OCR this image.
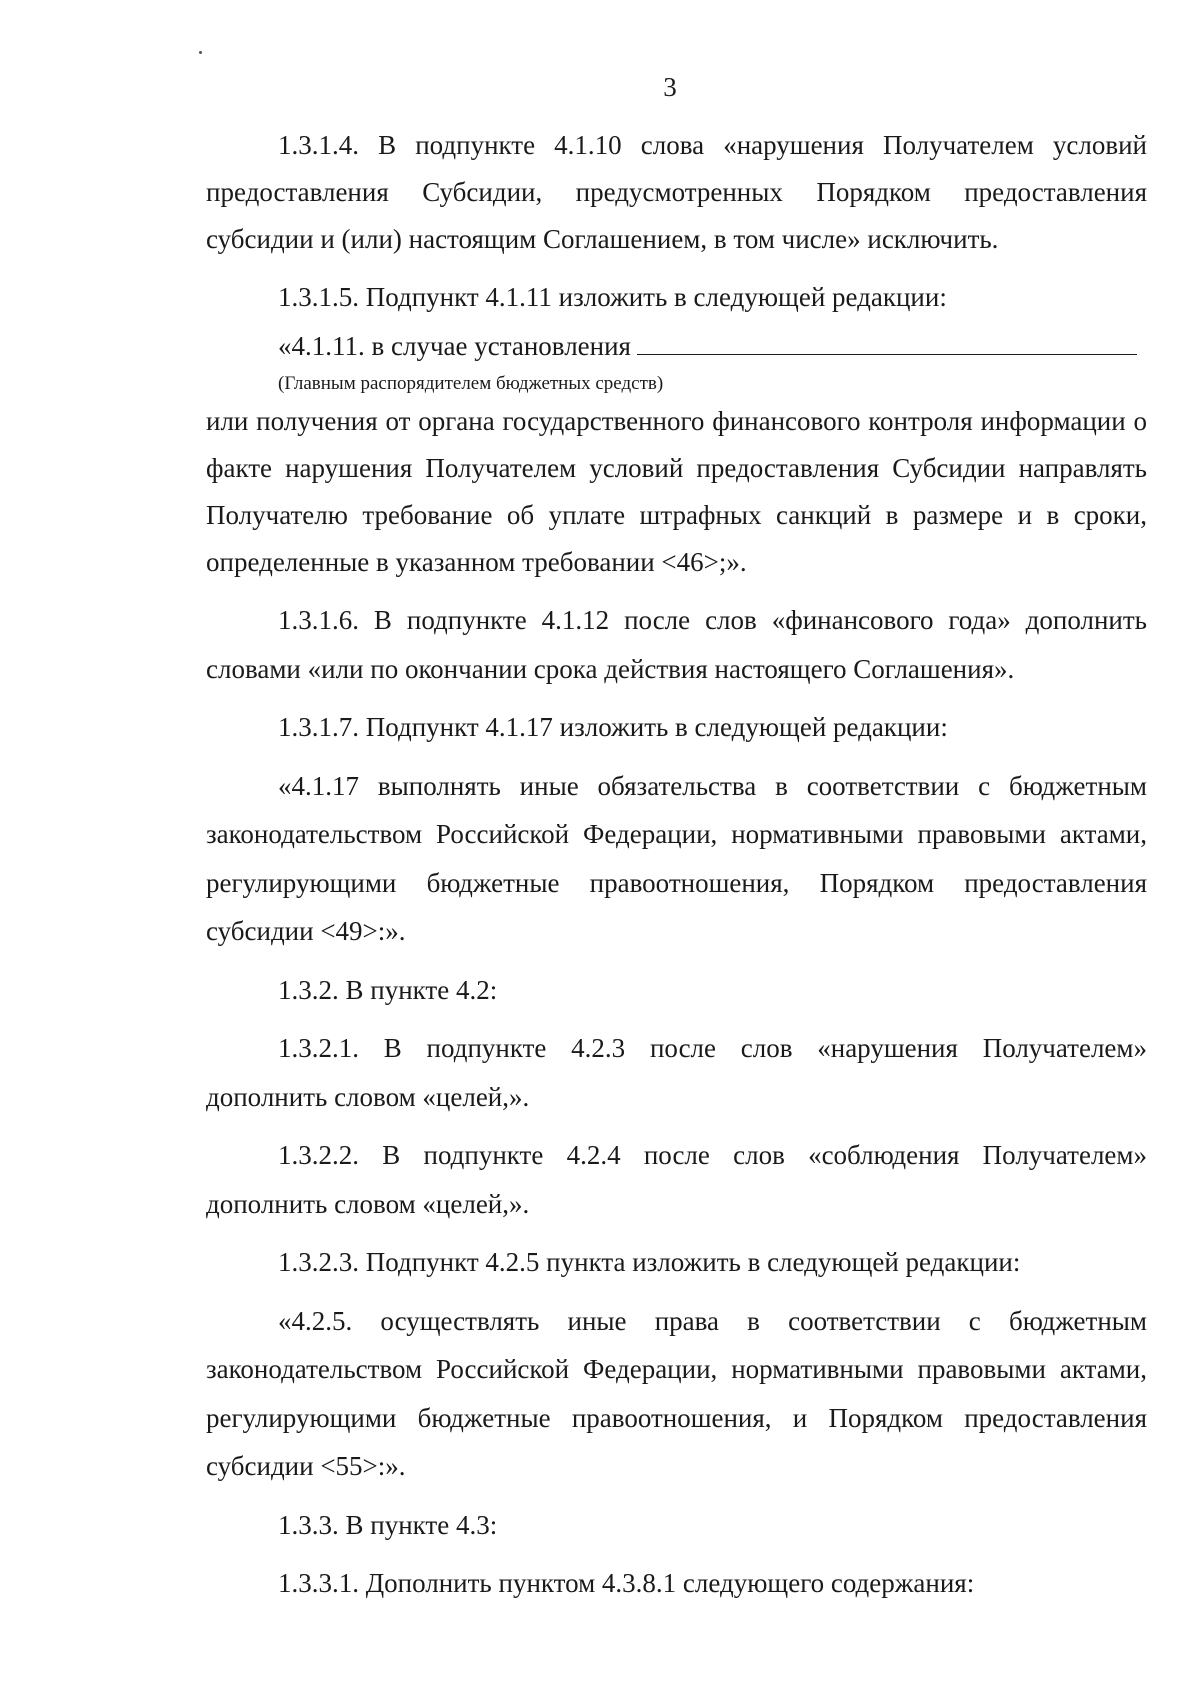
3

1.3.1.4. В подпункте 4.1.10 слова «нарушения Получателем условий предоставления Субсидии, предусмотренных Порядком предоставления субсидии и (или) настоящим Соглашением, в том числе» исключить.

1.3.1.5. Подпункт 4.1.11 изложить в следующей редакции:

«4.1.11. в случае установления

(Главным распорядителем бюджетных средств)

или получения от органа государственного финансового контроля информации о факте нарушения Получателем условий предоставления Субсидии направлять Получателю требование об уплате штрафных санкций в размере и в сроки, определенные в указанном требовании <46>;».

1.3.1.6. В подпункте 4.1.12 после слов «финансового года» дополнить словами «или по окончании срока действия настоящего Соглашения».

1.3.1.7. Подпункт 4.1.17 изложить в следующей редакции:

«4.1.17 выполнять иные обязательства в соответствии с бюджетным законодательством Российской Федерации, нормативными правовыми актами, регулирующими бюджетные правоотношения, Порядком предоставления субсидии <49>:».

1.3.2. В пункте 4.2:

1.3.2.1. В подпункте 4.2.3 после слов «нарушения Получателем» дополнить словом «целей,».

1.3.2.2. В подпункте 4.2.4 после слов «соблюдения Получателем» дополнить словом «целей,».

1.3.2.3. Подпункт 4.2.5 пункта изложить в следующей редакции:

«4.2.5. осуществлять иные права в соответствии с бюджетным законодательством Российской Федерации, нормативными правовыми актами, регулирующими бюджетные правоотношения, и Порядком предоставления субсидии <55>:».

1.3.3. В пункте 4.3:

1.3.3.1. Дополнить пунктом 4.3.8.1 следующего содержания:
